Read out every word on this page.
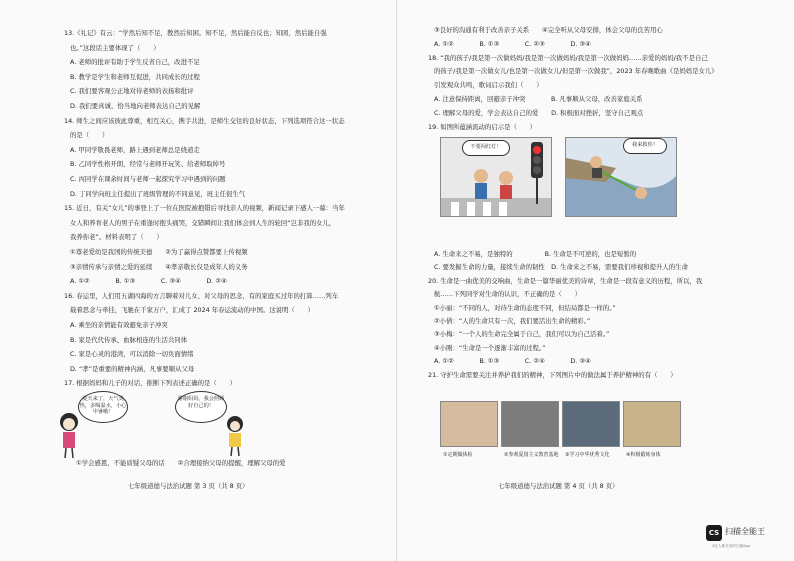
夏天来了，天气炎热，多喝温水，小心中暑哦！
谢谢妈妈，我会照顾好自己的！
不要闯红灯！	我来救你！
①定期做体检	②参观爱国主义教育基地 ③学习中华优秀文化	④积极锻炼身体
①学会感恩，不能质疑父母的话　　②合理接纳父母的提醒，理解父母的爱
七年级道德与法治试题 第 3 页（共 8 页）	七年级道德与法治试题 第 4 页（共 8 页）
CS 扫描全能王
3亿人都在用的扫描App
13.《礼记》有云：“学然后知不足，教然后知困。知不足，然后能自反也；知困，然后能自强
也。”这段话主要体现了（　　）
A. 老师的批评有助于学生反省自己，改进不足
B. 教学是学生和老师互促进，共同成长的过程
C. 我们要客观公正地对待老师的表扬和批评
D. 我们要真诚、恰当地向老师表达自己的见解
14. 师生之间应该彼此尊重，相互关心，携手共进，是师生交往的良好状态，下列选项符合这一状态
的是（　　）
A. 甲同学敬畏老师，路上遇到老师总是绕道走
B. 乙同学性格开朗，经常与老师开玩笑、给老师取绰号
C. 丙同学在课余时间与老师一起探究学习中遇到的问题
D. 丁同学向班主任提出了班级管理的不同意见，班主任很生气
15. 近日，有关“女儿”的事登上了一位在医院被抱错后寻找亲人的视频，新闻记录下感人一幕：当年
女人和养育老人的男子在重逢时抱头痛哭，交错瞬间让我们体会到人生的轮回“岂非我的女儿，
我养你老”。材料表明了（　　）
①尊老爱幼是我国的传统美德　　②为了赢得点赞都要上传视频
③亲情传承与亲情之爱的延续　　④孝亲敬长仅是成年人的义务
A. ①②　　　　B. ①③　　　　C. ③④　　　　D. ②④
16. 春运里，人们用五湖四海的方言聊着对儿女、对父母的思念，有的家庭买过年的打算……列车
载着思念与牵挂，飞驰在千家万户，汇成了 2024 年春运流动的中国。这说明（　　）
A. 乘坐的亲情能有效避免亲子冲突
B. 家是代代传承、血脉相连的生活共同体
C. 家是心灵的港湾，可以消除一切负面情绪
D. “孝”是重要的精神内涵，凡事要顺从父母
17. 根据妈妈和儿子的对话，推断下列表述正确的是（　　）
③良好的沟通有利于改善亲子关系　　④完全听从父母安排，体会父母的良苦用心
A. ①②　　　　B. ①③　　　　C. ②③　　　　D. ③④
18. “我的孩子/我是第一次做妈妈/我是第一次做妈妈/我是第一次做妈妈……亲爱的妈妈/我不是自己
的孩子/我是第一次做女儿/也是第一次做女儿/但是第一次做我”，2023 年春晚歌曲《是妈妈是女儿》
引发观众共鸣，歌词启示我们（　　）
A. 注意保持距离，回避亲子冲突　　　　B. 凡事顺从父母，改善家庭关系
C. 理解父母的爱，学会表达自己的爱　　D. 积极面对挫折，坚守自己观点
19. 如图所蕴涵流动的启示是（　　）
A. 生命来之不易，是独特的　　　　　B. 生命是不可逆的，也是短暂的
C. 要发掘生命的力量，接续生命的韧性　D. 生命来之不易，需要我们珍视和提升人的生命
20. 生命是一曲优美的交响曲，生命是一篇华丽优美的诗章，生命是一段有意义的历程，所以，我
航……下列同学对生命的认识，不正确的是（　　）
①小丽：“不同的人，对待生命的态度不同，但结局都是一样的。”
②小倩：“人的生命只有一次，我们要活出生命的精彩。”
③小梅：“一个人的生命完全属于自己，我们可以为自己活着。”
④小刚：“生命是一个逐渐丰富的过程。”
A. ①②　　　　B. ①③　　　　C. ②④　　　　D. ③④
21. 守护生命需要关注并养护我们的精神，下列图片中的做法属于养护精神的有（　　）
